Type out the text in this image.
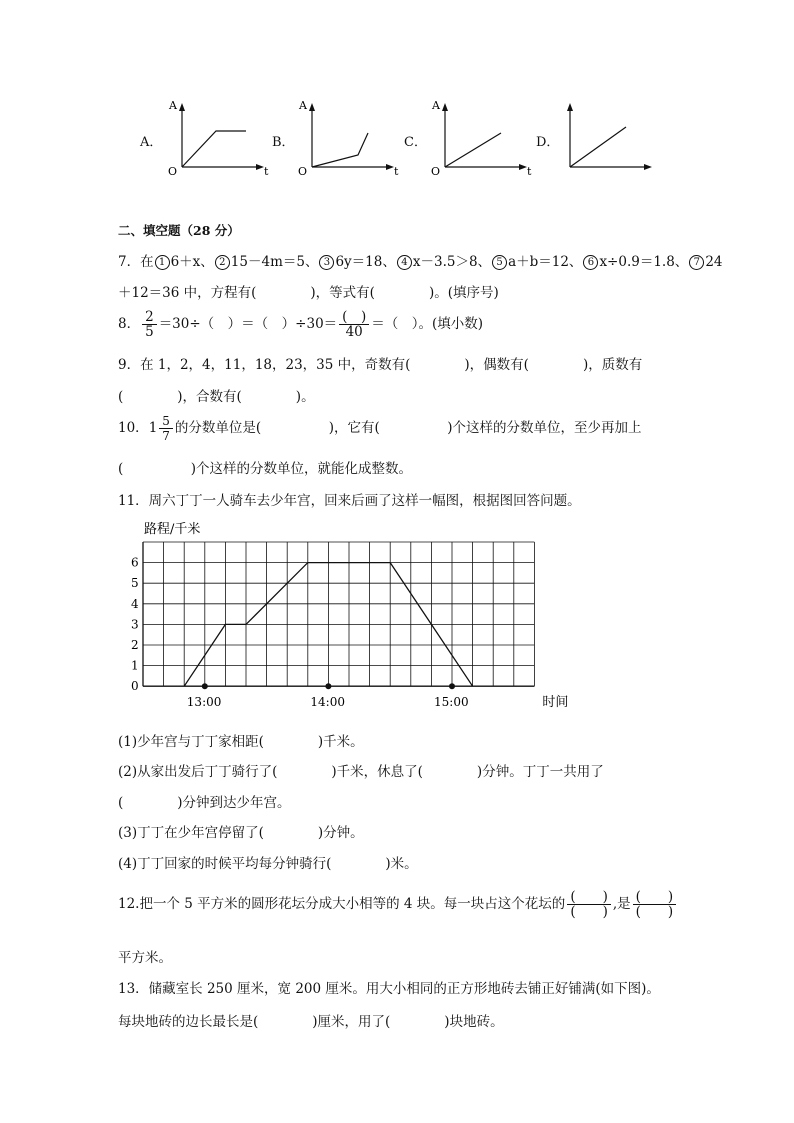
A．	B．	C．	D．
A
O	t
A
O	t
A
O	t
二、填空题（28 分）
7．在 1 6＋x、 2 15－4m＝5、 3 6y＝18、 4 x－3.5＞8、 5 a＋b＝12、 6 x÷0.9＝1.8、 7 24
＋12＝36 中，方程有(　　　　)，等式有(　　　　)。(填序号)
8． $\frac{2}{5} =30\div$（　）＝（　）$\div 30= \frac{( )}{40}$ ＝（　）。(填小数)
9．在 1，2，4，11，18，23，35 中，奇数有(　　　　)，偶数有(　　　　)，质数有
(　　　　)，合数有(　　　　)。
10．$1 \frac{5}{7}$ 的分数单位是(　　　　　)，它有(　　　　　)个这样的分数单位，至少再加上
(　　　　　)个这样的分数单位，就能化成整数。
11．周六丁丁一人骑车去少年宫，回来后画了这样一幅图，根据图回答问题。
路程/千米
0
1
2
3
4
5
6
13:00	14:00	15:00	时间
(1)少年宫与丁丁家相距(　　　　)千米。
(2)从家出发后丁丁骑行了(　　　　)千米，休息了(　　　　)分钟。丁丁一共用了
(　　　　)分钟到达少年宫。
(3)丁丁在少年宫停留了(　　　　)分钟。
(4)丁丁回家的时候平均每分钟骑行(　　　　)米。
12.把一个 5 平方米的圆形花坛分成大小相等的 4 块。每一块占这个花坛的 $\frac{( )}{( )}$ ,是 $\frac{( )}{( )}$
平方米。
13．储藏室长 250 厘米，宽 200 厘米。用大小相同的正方形地砖去铺正好铺满(如下图)。
每块地砖的边长最长是(　　　　)厘米，用了(　　　　)块地砖。
